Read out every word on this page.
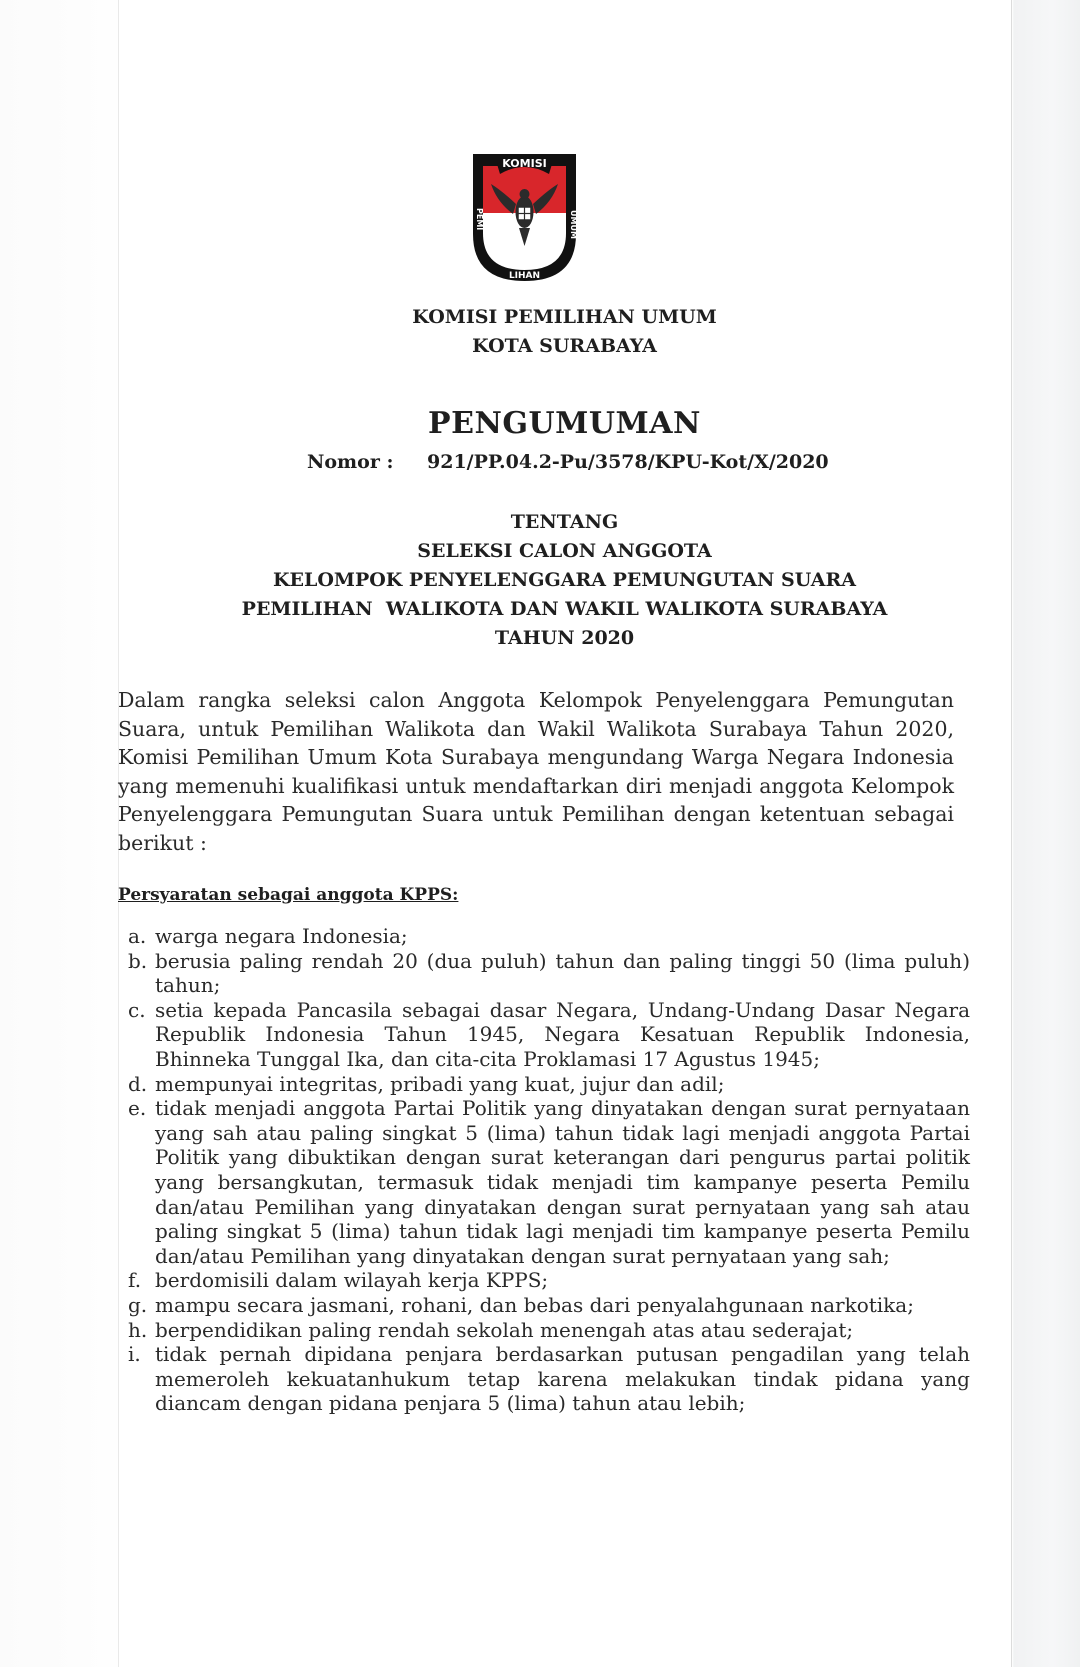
KOMISI
PEMI	UMUM
LIHAN
KOMISI PEMILIHAN UMUM
KOTA SURABAYA
PENGUMUMAN
Nomor : 921/PP.04.2-Pu/3578/KPU-Kot/X/2020
TENTANG
SELEKSI CALON ANGGOTA
KELOMPOK PENYELENGGARA PEMUNGUTAN SUARA
PEMILIHAN  WALIKOTA DAN WAKIL WALIKOTA SURABAYA
TAHUN 2020

Dalam rangka seleksi calon Anggota Kelompok Penyelenggara Pemungutan Suara, untuk Pemilihan Walikota dan Wakil Walikota Surabaya Tahun 2020, Komisi Pemilihan Umum Kota Surabaya mengundang Warga Negara Indonesia yang memenuhi kualifikasi untuk mendaftarkan diri menjadi anggota Kelompok Penyelenggara Pemungutan Suara untuk Pemilihan dengan ketentuan sebagai berikut :

Persyaratan sebagai anggota KPPS:
a. warga negara Indonesia;
b. berusia paling rendah 20 (dua puluh) tahun dan paling tinggi 50 (lima puluh) tahun;
c. setia kepada Pancasila sebagai dasar Negara, Undang-Undang Dasar Negara Republik Indonesia Tahun 1945, Negara Kesatuan Republik Indonesia, Bhinneka Tunggal Ika, dan cita-cita Proklamasi 17 Agustus 1945;
d. mempunyai integritas, pribadi yang kuat, jujur dan adil;
e. tidak menjadi anggota Partai Politik yang dinyatakan dengan surat pernyataan yang sah atau paling singkat 5 (lima) tahun tidak lagi menjadi anggota Partai Politik yang dibuktikan dengan surat keterangan dari pengurus partai politik yang bersangkutan, termasuk tidak menjadi tim kampanye peserta Pemilu dan/atau Pemilihan yang dinyatakan dengan surat pernyataan yang sah atau paling singkat 5 (lima) tahun tidak lagi menjadi tim kampanye peserta Pemilu dan/atau Pemilihan yang dinyatakan dengan surat pernyataan yang sah;
f. berdomisili dalam wilayah kerja KPPS;
g. mampu secara jasmani, rohani, dan bebas dari penyalahgunaan narkotika;
h. berpendidikan paling rendah sekolah menengah atas atau sederajat;
i. tidak pernah dipidana penjara berdasarkan putusan pengadilan yang telah memeroleh kekuatanhukum tetap karena melakukan tindak pidana yang diancam dengan pidana penjara 5 (lima) tahun atau lebih;
